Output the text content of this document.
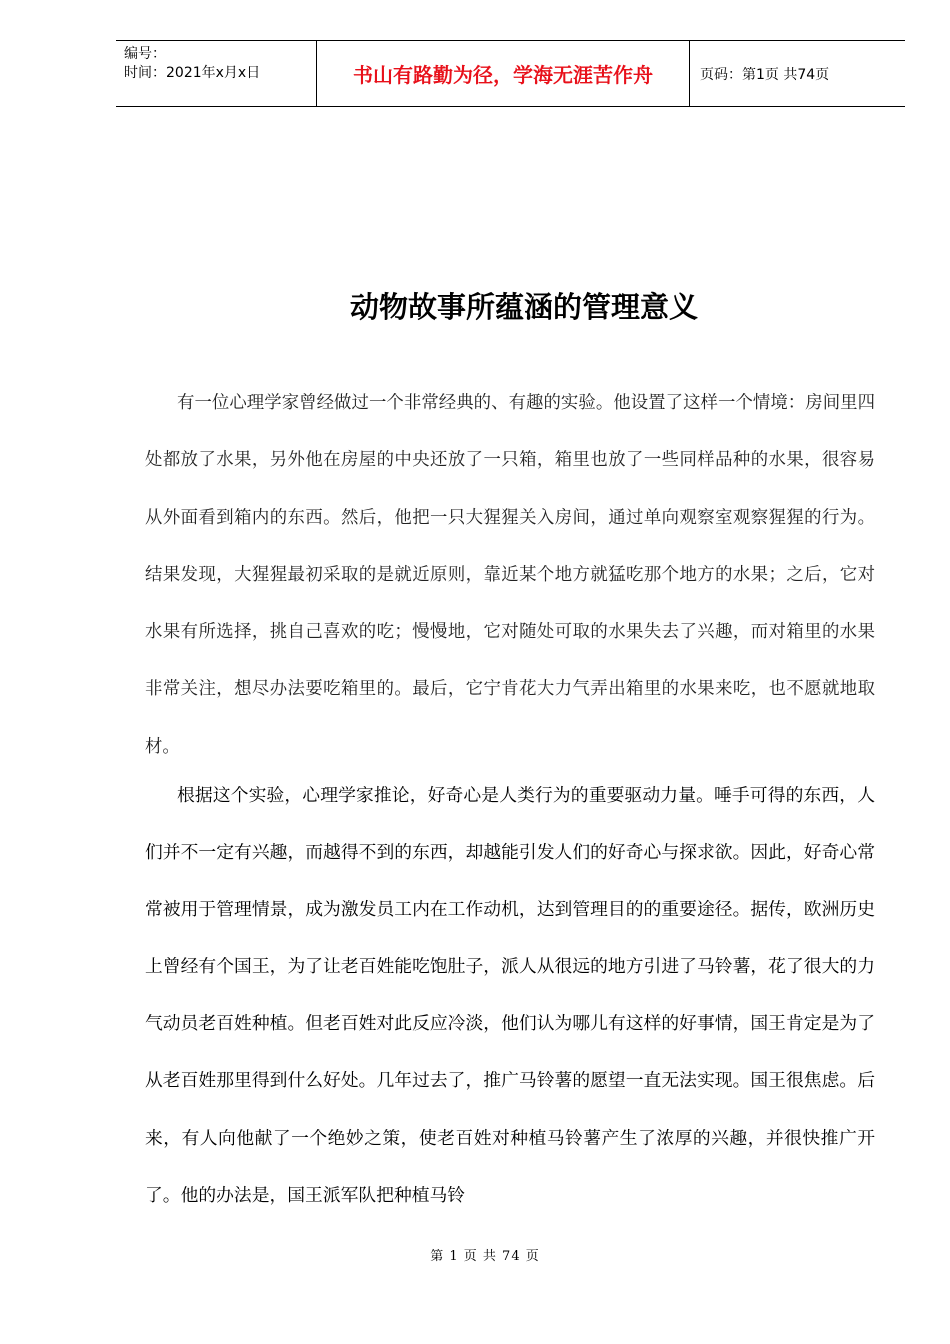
编号：
时间：2021年x月x日	书山有路勤为径，学海无涯苦作舟	页码：第1页 共74页
动物故事所蕴涵的管理意义

有一位心理学家曾经做过一个非常经典的、有趣的实验。他设置了这样一个情境：房间里四处都放了水果，另外他在房屋的中央还放了一只箱，箱里也放了一些同样品种的水果，很容易从外面看到箱内的东西。然后，他把一只大猩猩关入房间，通过单向观察室观察猩猩的行为。结果发现，大猩猩最初采取的是就近原则，靠近某个地方就猛吃那个地方的水果；之后，它对水果有所选择，挑自己喜欢的吃；慢慢地，它对随处可取的水果失去了兴趣，而对箱里的水果非常关注，想尽办法要吃箱里的。最后，它宁肯花大力气弄出箱里的水果来吃，也不愿就地取材。

根据这个实验，心理学家推论，好奇心是人类行为的重要驱动力量。唾手可得的东西，人们并不一定有兴趣，而越得不到的东西，却越能引发人们的好奇心与探求欲。因此，好奇心常常被用于管理情景，成为激发员工内在工作动机，达到管理目的的重要途径。据传，欧洲历史上曾经有个国王，为了让老百姓能吃饱肚子，派人从很远的地方引进了马铃薯，花了很大的力气动员老百姓种植。但老百姓对此反应冷淡，他们认为哪儿有这样的好事情，国王肯定是为了从老百姓那里得到什么好处。几年过去了，推广马铃薯的愿望一直无法实现。国王很焦虑。后来，有人向他献了一个绝妙之策，使老百姓对种植马铃薯产生了浓厚的兴趣，并很快推广开了。他的办法是，国王派军队把种植马铃

第 1 页 共 74 页
